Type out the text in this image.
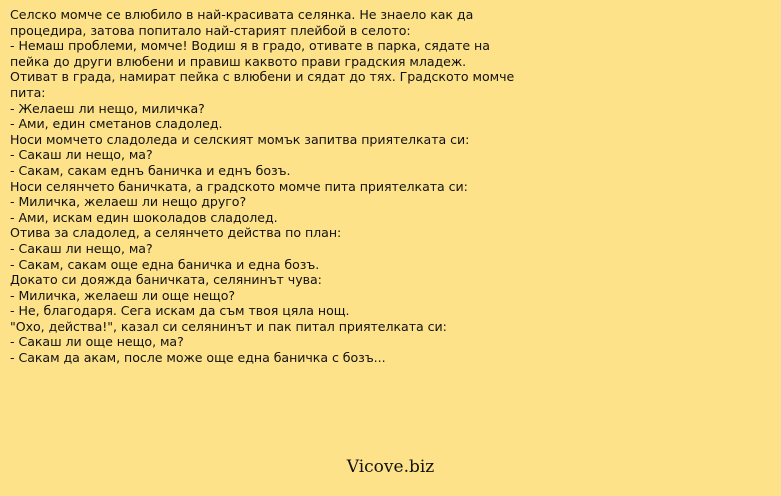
Селско момче се влюбило в най-красивата селянка. Не знаело как да
процедира, затова попитало най-старият плейбой в селото:
- Немаш проблеми, момче! Водиш я в градо, отивате в парка, сядате на
пейка до други влюбени и правиш каквото прави градския младеж.
Отиват в града, намират пейка с влюбени и сядат до тях. Градското момче
пита:
- Желаеш ли нещо, миличка?
- Ами, един сметанов сладолед.
Носи момчето сладоледа и селският момък запитва приятелката си:
- Сакаш ли нещо, ма?
- Сакам, сакам еднъ баничка и еднъ бозъ.
Носи селянчето баничката, а градското момче пита приятелката си:
- Миличка, желаеш ли нещо друго?
- Ами, искам един шоколадов сладолед.
Отива за сладолед, а селянчето действа по план:
- Сакаш ли нещо, ма?
- Сакам, сакам още една баничка и една бозъ.
Докато си дояжда баничката, селянинът чува:
- Миличка, желаеш ли още нещо?
- Не, благодаря. Сега искам да съм твоя цяла нощ.
"Охо, действа!", казал си селянинът и пак питал приятелката си:
- Сакаш ли още нещо, ма?
- Сакам да акам, после може още една баничка с бозъ...
Vicove.biz
